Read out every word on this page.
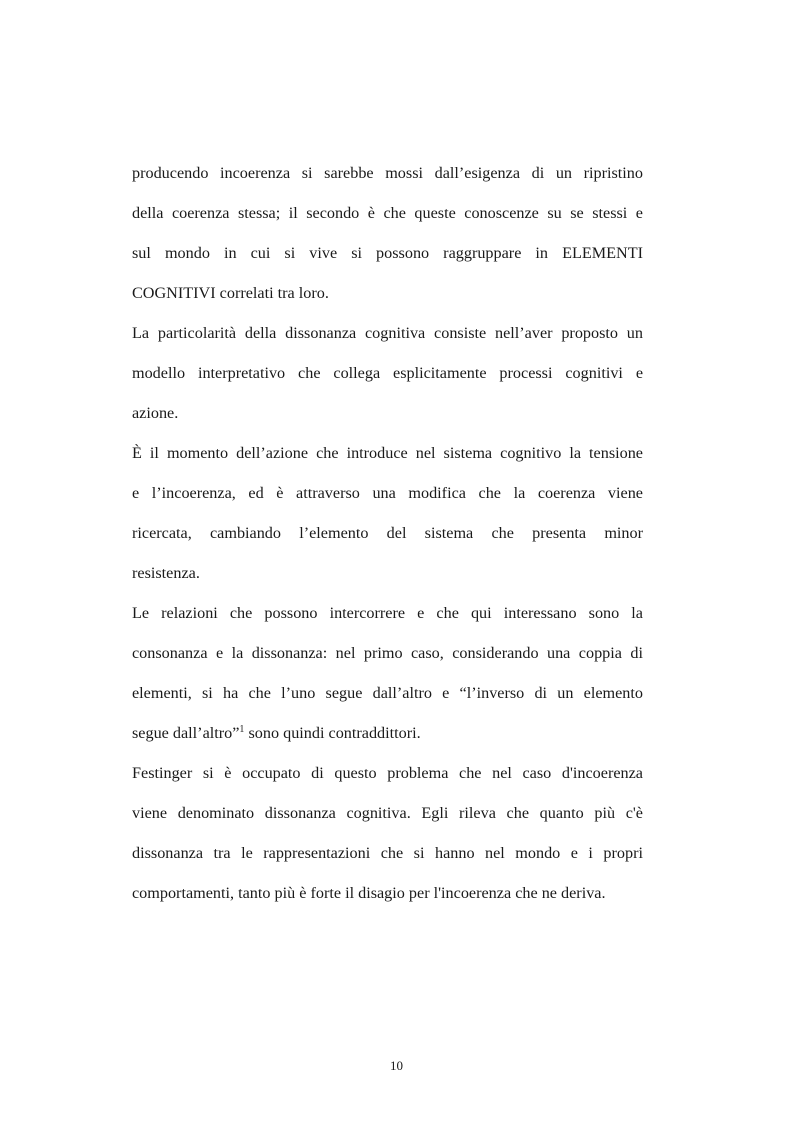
producendo incoerenza si sarebbe mossi dall’esigenza di un ripristino
della coerenza stessa; il secondo è che queste conoscenze su se stessi e
sul mondo in cui si vive si possono raggruppare in ELEMENTI
COGNITIVI correlati tra loro.

La particolarità della dissonanza cognitiva consiste nell’aver proposto un
modello interpretativo che collega esplicitamente processi cognitivi e
azione.

È il momento dell’azione che introduce nel sistema cognitivo la tensione
e l’incoerenza, ed è attraverso una modifica che la coerenza viene
ricercata, cambiando l’elemento del sistema che presenta minor
resistenza.

Le relazioni che possono intercorrere e che qui interessano sono la
consonanza e la dissonanza: nel primo caso, considerando una coppia di
elementi, si ha che l’uno segue dall’altro e “l’inverso di un elemento
segue dall’altro”$^1$ sono quindi contraddittori.

Festinger si è occupato di questo problema che nel caso d'incoerenza
viene denominato dissonanza cognitiva. Egli rileva che quanto più c'è
dissonanza tra le rappresentazioni che si hanno nel mondo e i propri
comportamenti, tanto più è forte il disagio per l'incoerenza che ne deriva.

10
